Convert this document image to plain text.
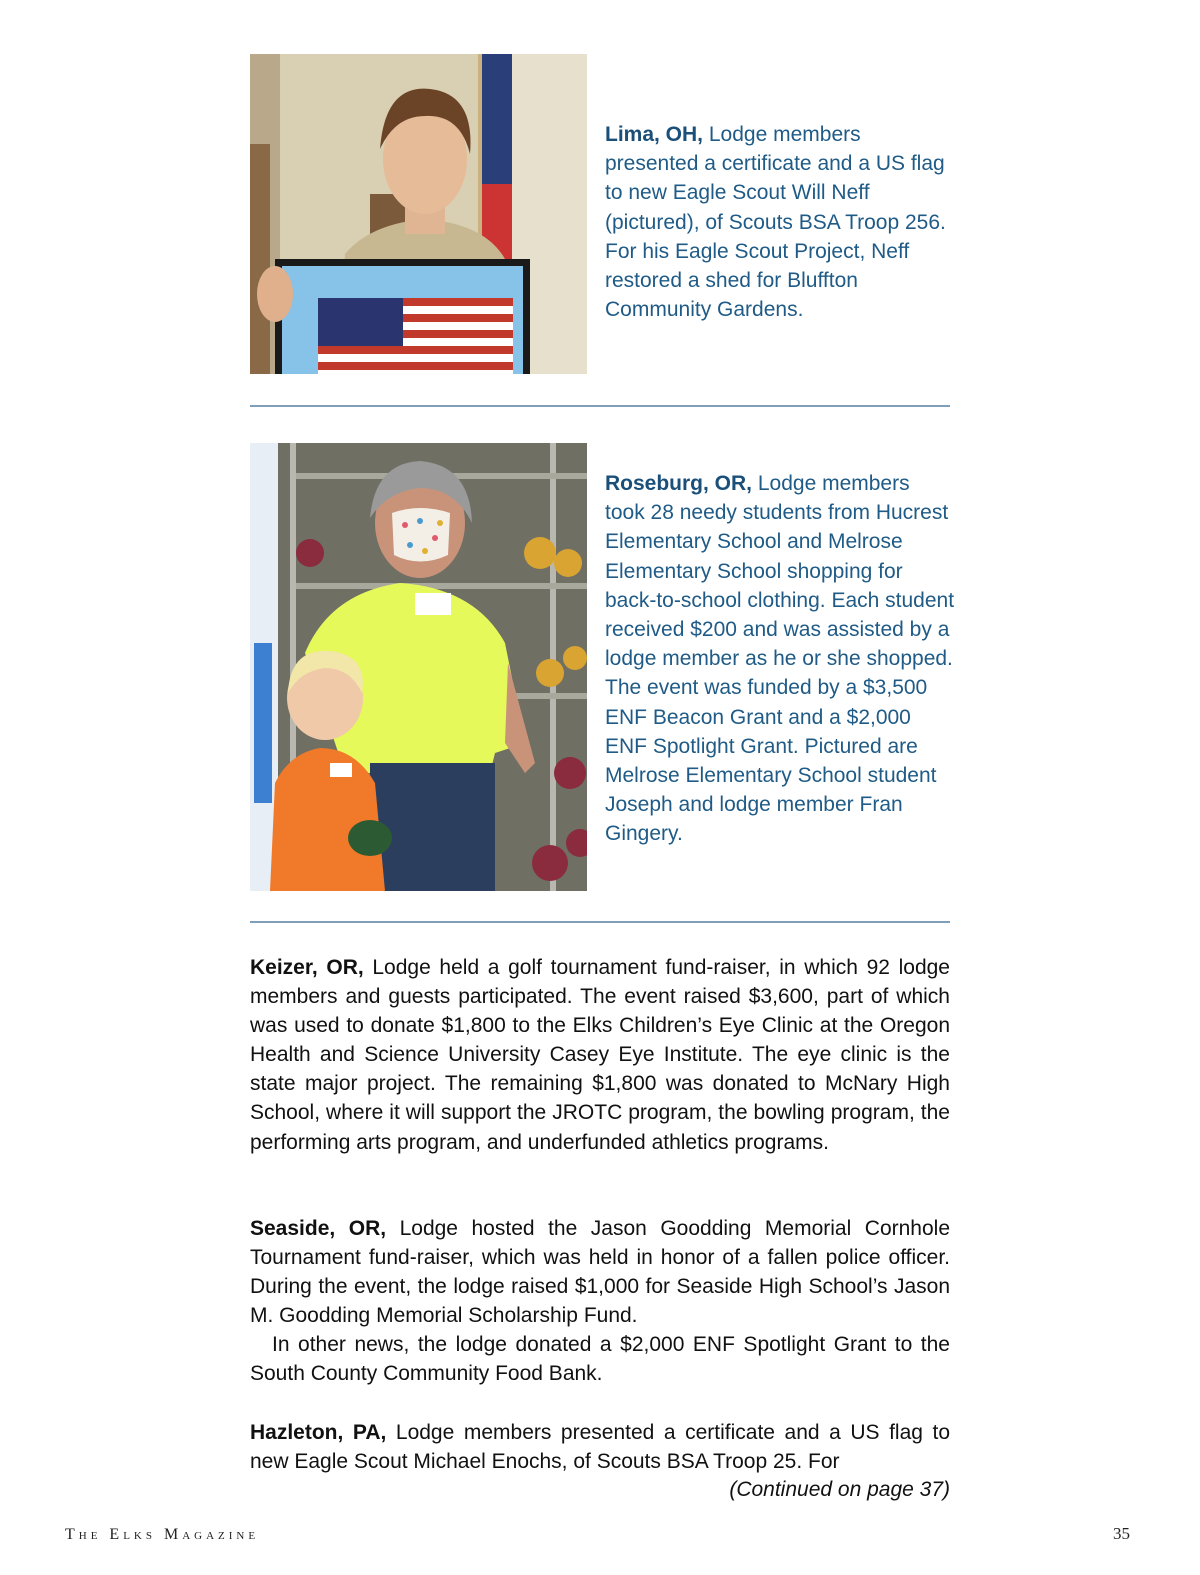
Lima, OH, Lodge members presented a certificate and a US flag to new Eagle Scout Will Neff (pictured), of Scouts BSA Troop 256. For his Eagle Scout Project, Neff restored a shed for Bluffton Community Gardens.

Roseburg, OR, Lodge members took 28 needy students from Hucrest Elementary School and Melrose Elementary School shopping for back-to-school clothing. Each student received $200 and was assisted by a lodge member as he or she shopped. The event was funded by a $3,500 ENF Beacon Grant and a $2,000 ENF Spotlight Grant. Pictured are Melrose Elementary School student Joseph and lodge member Fran Gingery.

Keizer, OR, Lodge held a golf tournament fund-raiser, in which 92 lodge members and guests participated. The event raised $3,600, part of which was used to donate $1,800 to the Elks Children’s Eye Clinic at the Oregon Health and Science University Casey Eye Institute. The eye clinic is the state major project. The remaining $1,800 was donated to McNary High School, where it will support the JROTC program, the bowling program, the performing arts program, and underfunded athletics programs.

Seaside, OR, Lodge hosted the Jason Goodding Memorial Cornhole Tournament fund-raiser, which was held in honor of a fallen police officer. During the event, the lodge raised $1,000 for Seaside High School’s Jason M. Goodding Memorial Scholarship Fund.

In other news, the lodge donated a $2,000 ENF Spotlight Grant to the South County Community Food Bank.

Hazleton, PA, Lodge members presented a certificate and a US flag to new Eagle Scout Michael Enochs, of Scouts BSA Troop 25. For

(Continued on page 37)
The Elks Magazine	35
